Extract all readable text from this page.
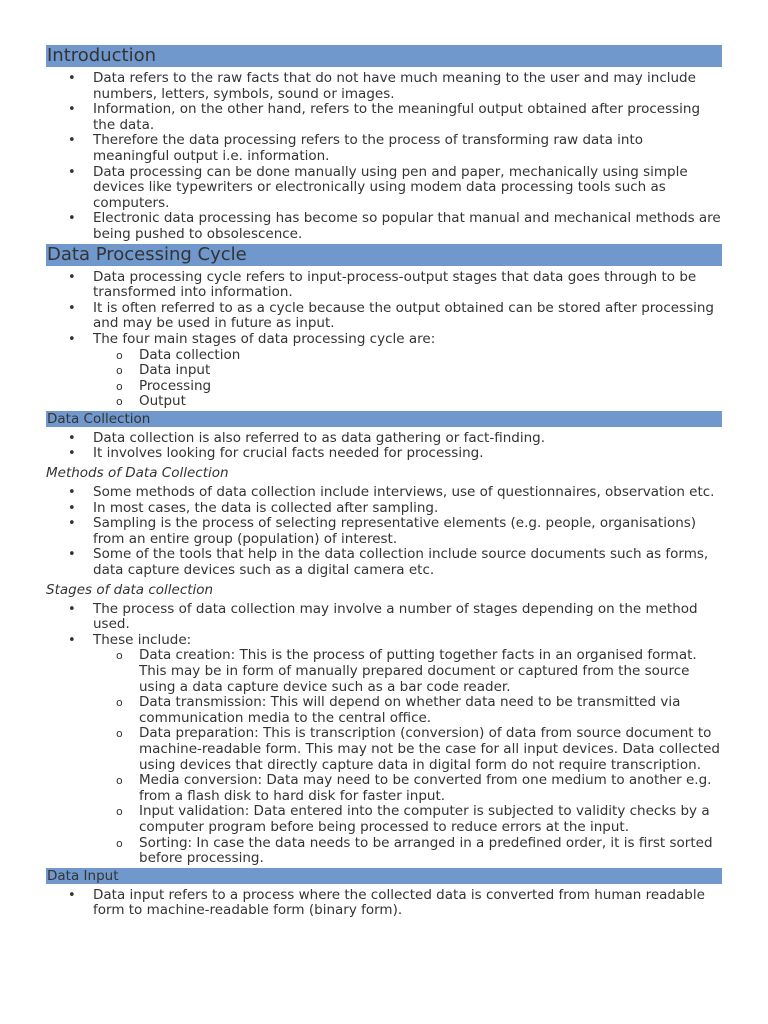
Introduction
• Data refers to the raw facts that do not have much meaning to the user and may include numbers, letters, symbols, sound or images.
• Information, on the other hand, refers to the meaningful output obtained after processing the data.
• Therefore the data processing refers to the process of transforming raw data into meaningful output i.e. information.
• Data processing can be done manually using pen and paper, mechanically using simple devices like typewriters or electronically using modem data processing tools such as computers.
• Electronic data processing has become so popular that manual and mechanical methods are being pushed to obsolescence.
Data Processing Cycle
• Data processing cycle refers to input-process-output stages that data goes through to be transformed into information.
• It is often referred to as a cycle because the output obtained can be stored after processing and may be used in future as input.
• The four main stages of data processing cycle are:
o Data collection
o Data input
o Processing
o Output
Data Collection
• Data collection is also referred to as data gathering or fact-finding.
• It involves looking for crucial facts needed for processing.
Methods of Data Collection
• Some methods of data collection include interviews, use of questionnaires, observation etc.
• In most cases, the data is collected after sampling.
• Sampling is the process of selecting representative elements (e.g. people, organisations) from an entire group (population) of interest.
• Some of the tools that help in the data collection include source documents such as forms, data capture devices such as a digital camera etc.
Stages of data collection
• The process of data collection may involve a number of stages depending on the method used.
• These include:
o Data creation: This is the process of putting together facts in an organised format. This may be in form of manually prepared document or captured from the source using a data capture device such as a bar code reader.
o Data transmission: This will depend on whether data need to be transmitted via communication media to the central office.
o Data preparation: This is transcription (conversion) of data from source document to machine-readable form. This may not be the case for all input devices. Data collected using devices that directly capture data in digital form do not require transcription.
o Media conversion: Data may need to be converted from one medium to another e.g. from a flash disk to hard disk for faster input.
o Input validation: Data entered into the computer is subjected to validity checks by a computer program before being processed to reduce errors at the input.
o Sorting: In case the data needs to be arranged in a predefined order, it is first sorted before processing.
Data Input
• Data input refers to a process where the collected data is converted from human readable form to machine-readable form (binary form).
